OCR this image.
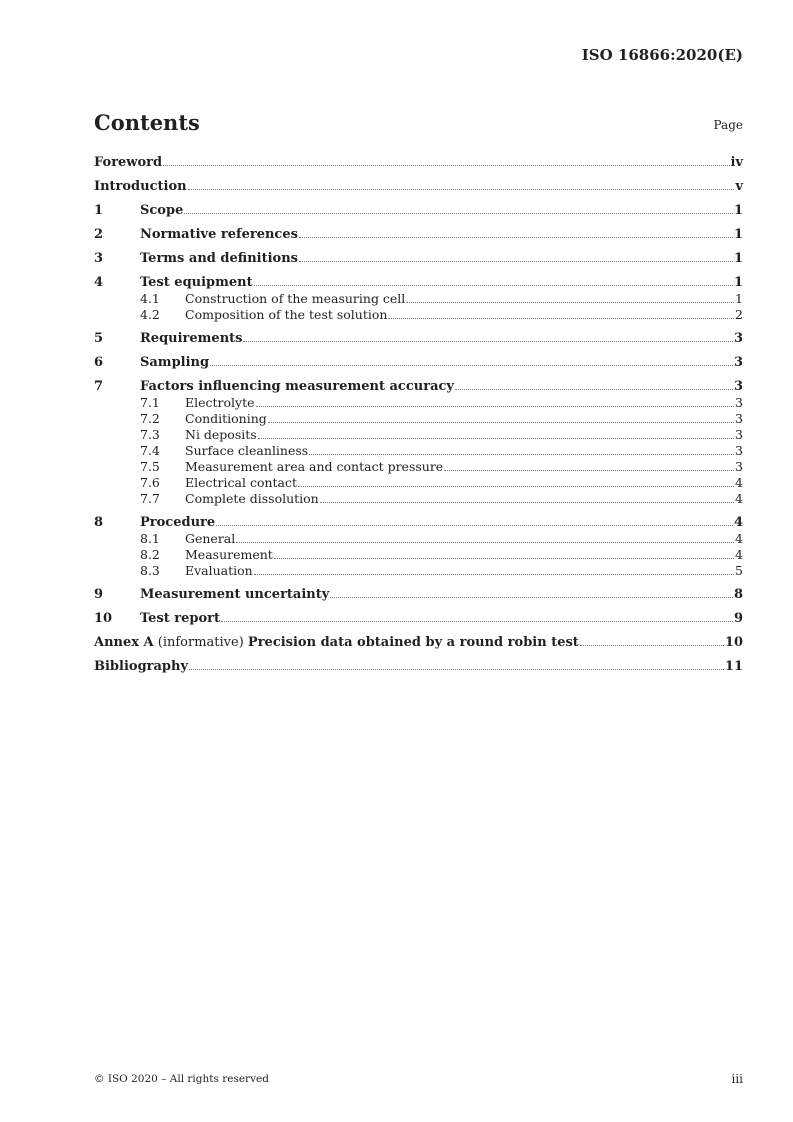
ISO 16866:2020(E)
Contents	Page
Foreword	iv
Introduction	v
1	Scope	1
2	Normative references	1
3	Terms and definitions	1
4	Test equipment	1
4.1	Construction of the measuring cell	1
4.2	Composition of the test solution	2
5	Requirements	3
6	Sampling	3
7	Factors influencing measurement accuracy	3
7.1	Electrolyte	3
7.2	Conditioning	3
7.3	Ni deposits	3
7.4	Surface cleanliness	3
7.5	Measurement area and contact pressure	3
7.6	Electrical contact	4
7.7	Complete dissolution	4
8	Procedure	4
8.1	General	4
8.2	Measurement	4
8.3	Evaluation	5
9	Measurement uncertainty	8
10	Test report	9
Annex A (informative) Precision data obtained by a round robin test	10
Bibliography	11
© ISO 2020 – All rights reserved	iii
